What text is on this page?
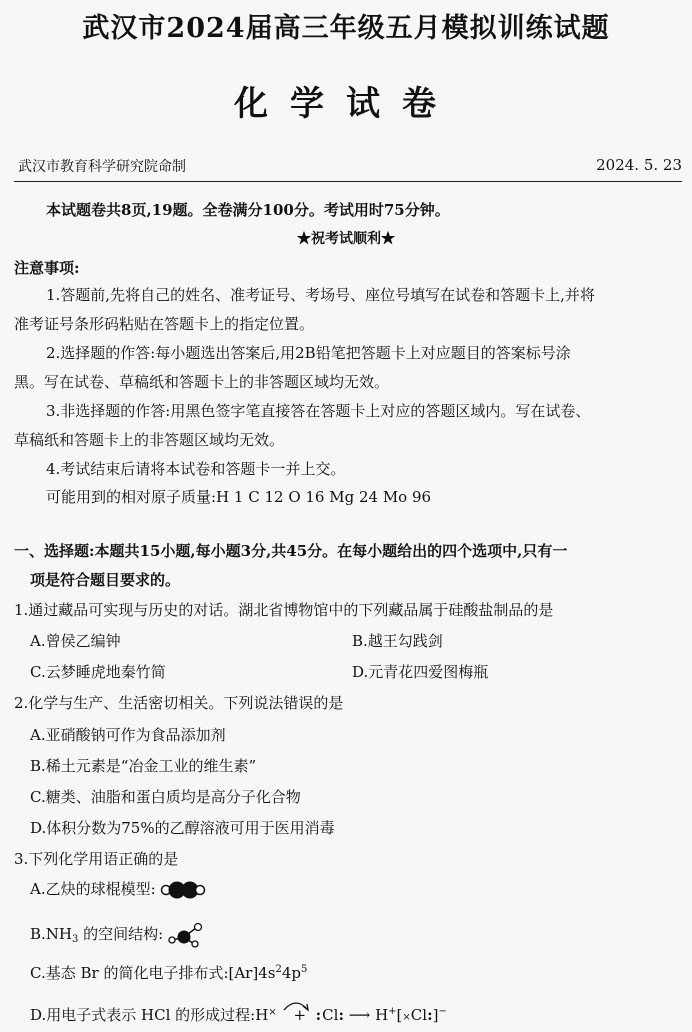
武汉市2024届高三年级五月模拟训练试题
化学试卷
武汉市教育科学研究院命制	2024. 5. 23
本试题卷共8页,19题。全卷满分100分。考试用时75分钟。
★祝考试顺利★
注意事项:
1.答题前,先将自己的姓名、准考证号、考场号、座位号填写在试卷和答题卡上,并将
准考证号条形码粘贴在答题卡上的指定位置。
2.选择题的作答:每小题选出答案后,用2B铅笔把答题卡上对应题目的答案标号涂
黑。写在试卷、草稿纸和答题卡上的非答题区域均无效。
3.非选择题的作答:用黑色签字笔直接答在答题卡上对应的答题区域内。写在试卷、
草稿纸和答题卡上的非答题区域均无效。
4.考试结束后请将本试卷和答题卡一并上交。
可能用到的相对原子质量:H 1 C 12 O 16 Mg 24 Mo 96
一、选择题:本题共15小题,每小题3分,共45分。在每小题给出的四个选项中,只有一
项是符合题目要求的。
1.通过藏品可实现与历史的对话。湖北省博物馆中的下列藏品属于硅酸盐制品的是
A.曾侯乙编钟	B.越王勾践剑
C.云梦睡虎地秦竹简	D.元青花四爱图梅瓶
2.化学与生产、生活密切相关。下列说法错误的是
A.亚硝酸钠可作为食品添加剂
B.稀土元素是“冶金工业的维生素”
C.糖类、油脂和蛋白质均是高分子化合物
D.体积分数为75%的乙醇溶液可用于医用消毒
3.下列化学用语正确的是
A.乙炔的球棍模型:
$B.NH_3$ 的空间结构:
C.基态 Br 的简化电子排布式$:[Ar]4s^24p^5$
D.用电子式表示 HCl 的形成过程:H× + :Cl: ⟶ H+[×Cl:]−
